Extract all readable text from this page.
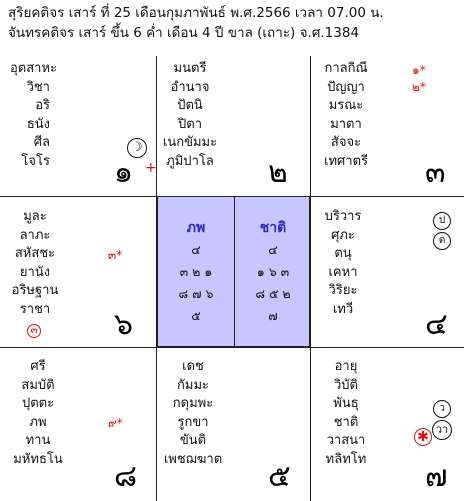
สุริยคติจร เสาร์ ที่ 25 เดือนกุมภาพันธ์ พ.ศ.2566 เวลา 07.00 น.
จันทรคติจร เสาร์ ขึ้น 6 ค่ำ เดือน 4 ปี ขาล (เถาะ) จ.ศ.1384
อุตสาหะ
วิชา
อริ
ธนัง
ศีล
โจโร
☽
๑ +
มนตรี
อำนาจ
ปัตนิ
ปิตา
เนกขัมมะ
ภูมิปาโล ๒
กาลกิณี
ปัญญา
มรณะ
มาตา
สัจจะ
เทศาตรี
๑*
๒*
๓
มูละ
ลาภะ
สหัสชะ
ยานัง
อริษฐาน
ราชา
๓*
๓	๖
ภพ
๔
๓ ๒ ๑
๘ ๗ ๖
๕
ชาติ
๔
๑ ๖ ๓
๘ ๕ ๒
๗
บริวาร
ศุภะ
ตนุ
เคหา
วิริยะ
เทวี
ป
ต
๔
ศรี
สมบัติ
ปุตตะ
ภพ
ทาน
มหัทธโน
๙*
๘
เดช
กัมมะ
กดุมพะ
รูกขา
ขันติ
เพชฌฆาต ๕
อายุ
วิบัติ
พันธุ
ชาติ
วาสนา
ทลิทโท
ว
วา
✱
๗
